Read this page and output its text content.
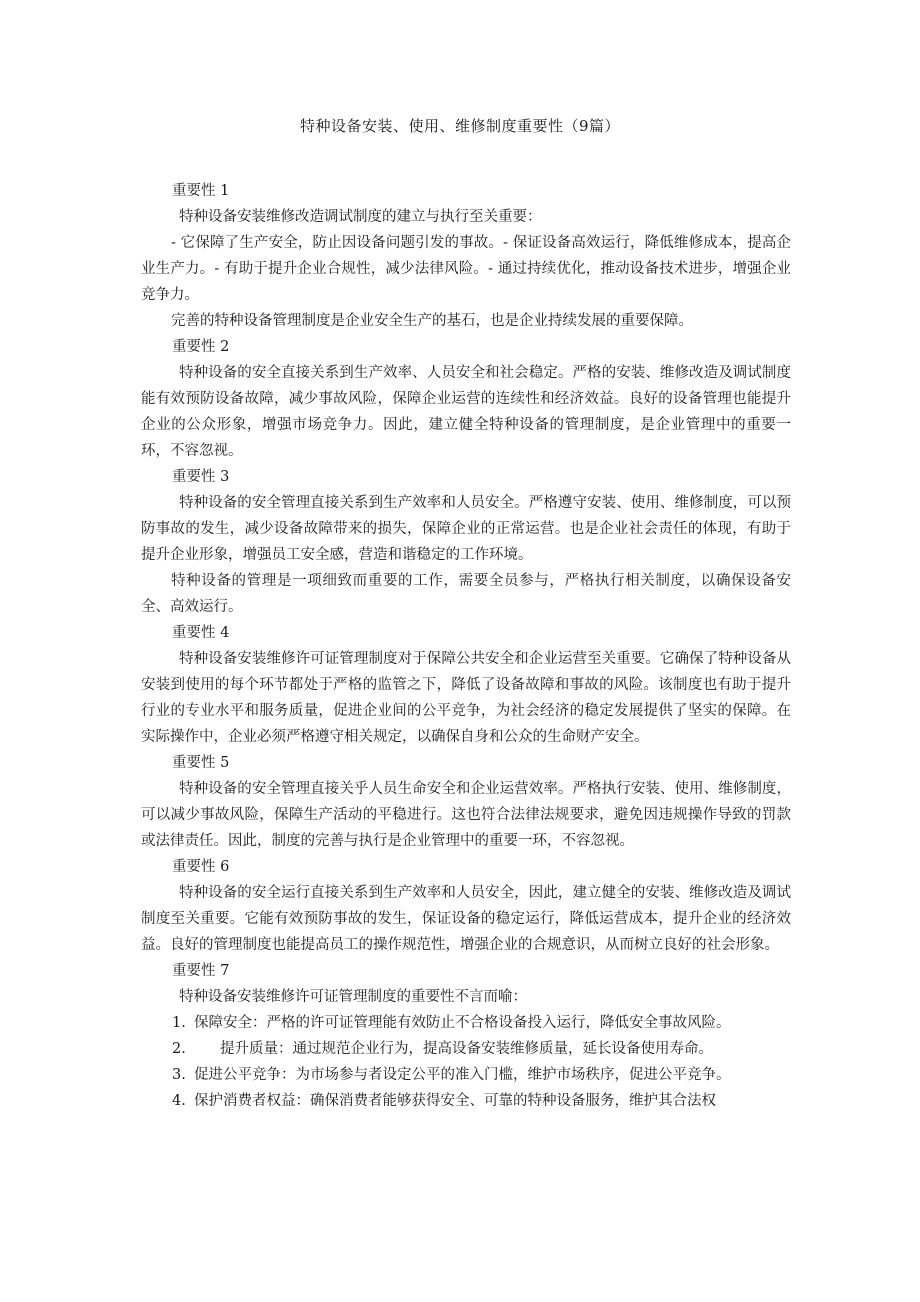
特种设备安装、使用、维修制度重要性（9篇）
重要性 1

特种设备安装维修改造调试制度的建立与执行至关重要：

- 它保障了生产安全，防止因设备问题引发的事故。- 保证设备高效运行，降低维修成本，提高企业生产力。- 有助于提升企业合规性，减少法律风险。- 通过持续优化，推动设备技术进步，增强企业竞争力。

完善的特种设备管理制度是企业安全生产的基石，也是企业持续发展的重要保障。

重要性 2

特种设备的安全直接关系到生产效率、人员安全和社会稳定。严格的安装、维修改造及调试制度能有效预防设备故障，减少事故风险，保障企业运营的连续性和经济效益。良好的设备管理也能提升企业的公众形象，增强市场竞争力。因此，建立健全特种设备的管理制度，是企业管理中的重要一环，不容忽视。

重要性 3

特种设备的安全管理直接关系到生产效率和人员安全。严格遵守安装、使用、维修制度，可以预防事故的发生，减少设备故障带来的损失，保障企业的正常运营。也是企业社会责任的体现，有助于提升企业形象，增强员工安全感，营造和谐稳定的工作环境。

特种设备的管理是一项细致而重要的工作，需要全员参与，严格执行相关制度，以确保设备安全、高效运行。

重要性 4

特种设备安装维修许可证管理制度对于保障公共安全和企业运营至关重要。它确保了特种设备从安装到使用的每个环节都处于严格的监管之下，降低了设备故障和事故的风险。该制度也有助于提升行业的专业水平和服务质量，促进企业间的公平竞争，为社会经济的稳定发展提供了坚实的保障。在实际操作中，企业必须严格遵守相关规定，以确保自身和公众的生命财产安全。

重要性 5

特种设备的安全管理直接关乎人员生命安全和企业运营效率。严格执行安装、使用、维修制度，可以减少事故风险，保障生产活动的平稳进行。这也符合法律法规要求，避免因违规操作导致的罚款或法律责任。因此，制度的完善与执行是企业管理中的重要一环，不容忽视。

重要性 6

特种设备的安全运行直接关系到生产效率和人员安全，因此，建立健全的安装、维修改造及调试制度至关重要。它能有效预防事故的发生，保证设备的稳定运行，降低运营成本，提升企业的经济效益。良好的管理制度也能提高员工的操作规范性，增强企业的合规意识，从而树立良好的社会形象。

重要性 7

特种设备安装维修许可证管理制度的重要性不言而喻：

1. 保障安全：严格的许可证管理能有效防止不合格设备投入运行，降低安全事故风险。
2. 提升质量：通过规范企业行为，提高设备安装维修质量，延长设备使用寿命。
3. 促进公平竞争：为市场参与者设定公平的准入门槛，维护市场秩序，促进公平竞争。
4. 保护消费者权益：确保消费者能够获得安全、可靠的特种设备服务，维护其合法权
